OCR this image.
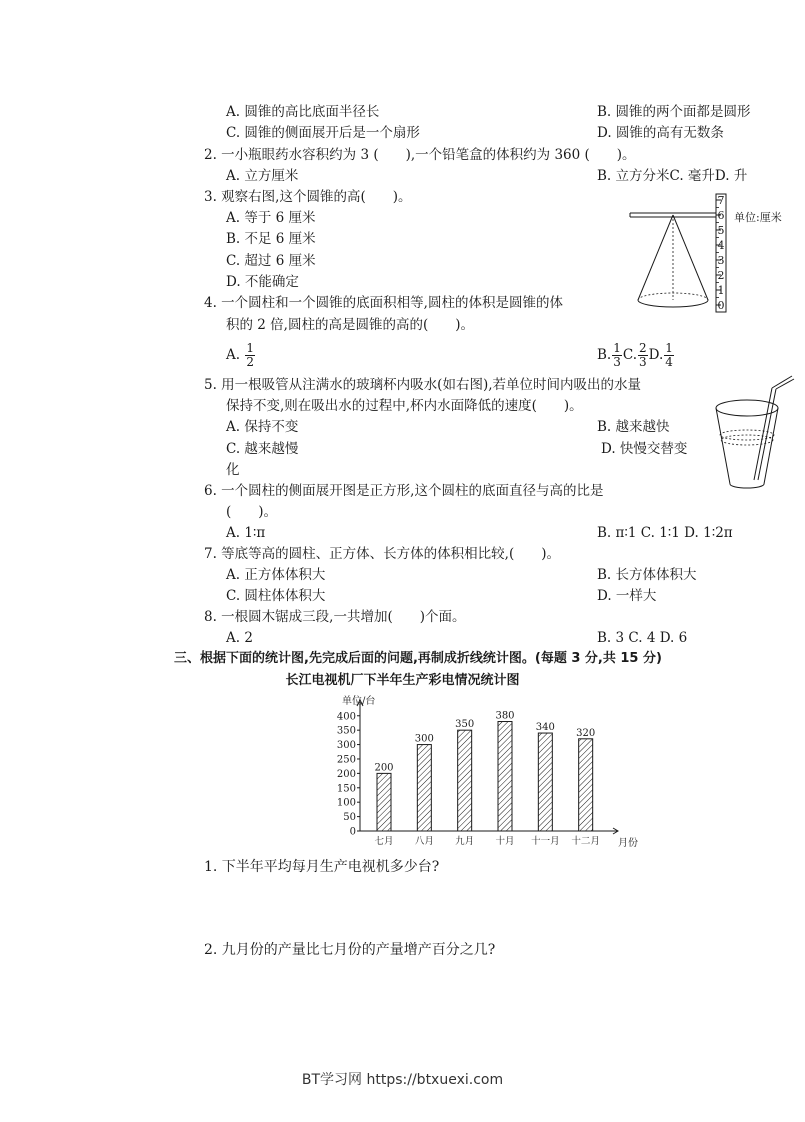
A. 圆锥的高比底面半径长	B. 圆锥的两个面都是圆形
C. 圆锥的侧面展开后是一个扇形	D. 圆锥的高有无数条
2. 一小瓶眼药水容积约为 3 (　　),一个铅笔盒的体积约为 360 (　　)。
A. 立方厘米	B. 立方分米C. 毫升D. 升
3. 观察右图,这个圆锥的高(　　)。
A. 等于 6 厘米
B. 不足 6 厘米
C. 超过 6 厘米
D. 不能确定
7
6
5
4
3
2
1
0
单位:厘米
4. 一个圆柱和一个圆锥的底面积相等,圆柱的体积是圆锥的体
积的 2 倍,圆柱的高是圆锥的高的(　　)。
A. $\frac{1}{2}$	B. $\frac{1}{3} C$. $\frac{2}{3} D$. $\frac{1}{4}$
5. 用一根吸管从注满水的玻璃杯内吸水(如右图),若单位时间内吸出的水量
保持不变,则在吸出水的过程中,杯内水面降低的速度(　　)。
A. 保持不变	B. 越来越快
C. 越来越慢	D. 快慢交替变
化
6. 一个圆柱的侧面展开图是正方形,这个圆柱的底面直径与高的比是
(　　)。
A. 1∶π	B. π∶1 C. 1∶1 D. 1∶2π
7. 等底等高的圆柱、正方体、长方体的体积相比较,(　　)。
A. 正方体体积大	B. 长方体体积大
C. 圆柱体体积大	D. 一样大
8. 一根圆木锯成三段,一共增加(　　)个面。
A. 2	B. 3 C. 4 D. 6
三、根据下面的统计图,先完成后面的问题,再制成折线统计图。(每题 3 分,共 15 分)
长江电视机厂下半年生产彩电情况统计图
单位/台
月份
0
50
100
150
200
250
300
350
400
200
七月
300
八月
350
九月
380
十月
340
十一月
320
十二月
1. 下半年平均每月生产电视机多少台?
2. 九月份的产量比七月份的产量增产百分之几?
BT学习网 https://btxuexi.com
